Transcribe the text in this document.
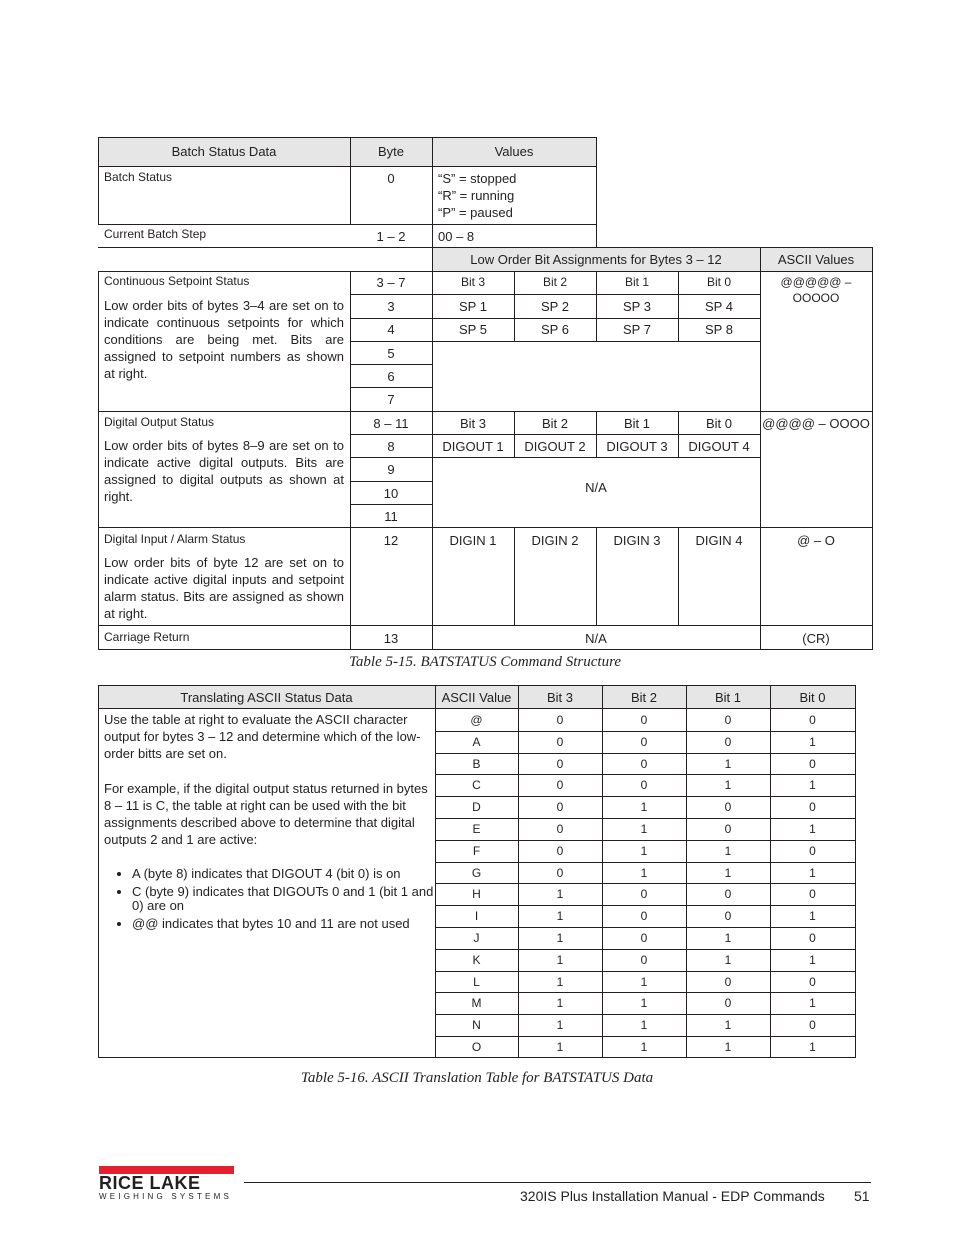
Batch Status Data	Byte	Values
Batch Status	0	“S” = stopped
“R” = running
“P” = paused
Current Batch Step	1 – 2	00 – 8
Low Order Bit Assignments for Bytes 3 – 12	ASCII Values
Continuous Setpoint Status
Low order bits of bytes 3–4 are set on to indicate continuous setpoints for which conditions are being met. Bits are assigned to setpoint numbers as shown at right.
3 – 7	Bit 3	Bit 2	Bit 1	Bit 0	@@@@@ – OOOOO
3	SP 1	SP 2	SP 3	SP 4
4	SP 5	SP 6	SP 7	SP 8
5
6
7
Digital Output Status
Low order bits of bytes 8–9 are set on to indicate active digital outputs. Bits are assigned to digital outputs as shown at right.
8 – 11	Bit 3	Bit 2	Bit 1	Bit 0	@@@@ – OOOO
8	DIGOUT 1	DIGOUT 2	DIGOUT 3	DIGOUT 4
9
10
11
N/A
Digital Input / Alarm Status
Low order bits of byte 12 are set on to indicate active digital inputs and setpoint alarm status. Bits are assigned as shown at right.
12	DIGIN 1	DIGIN 2	DIGIN 3	DIGIN 4	@ – O
Carriage Return	13	N/A	(CR)
Table 5-15. BATSTATUS Command Structure
Translating ASCII Status Data	ASCII Value	Bit 3	Bit 2	Bit 1	Bit 0
Use the table at right to evaluate the ASCII character output for bytes 3 – 12 and determine which of the low-order bitts are set on.
For example, if the digital output status returned in bytes 8 – 11 is C, the table at right can be used with the bit assignments described above to determine that digital outputs 2 and 1 are active:
• A (byte 8) indicates that DIGOUT 4 (bit 0) is on
• C (byte 9) indicates that DIGOUTs 0 and 1 (bit 1 and 0) are on
• @@ indicates that bytes 10 and 11 are not used
@	0	0	0	0
A	0	0	0	1
B	0	0	1	0
C	0	0	1	1
D	0	1	0	0
E	0	1	0	1
F	0	1	1	0
G	0	1	1	1
H	1	0	0	0
I	1	0	0	1
J	1	0	1	0
K	1	0	1	1
L	1	1	0	0
M	1	1	0	1
N	1	1	1	0
O	1	1	1	1
Table 5-16. ASCII Translation Table for BATSTATUS Data
RICE LAKE
WEIGHING SYSTEMS	320IS Plus Installation Manual - EDP Commands 51
